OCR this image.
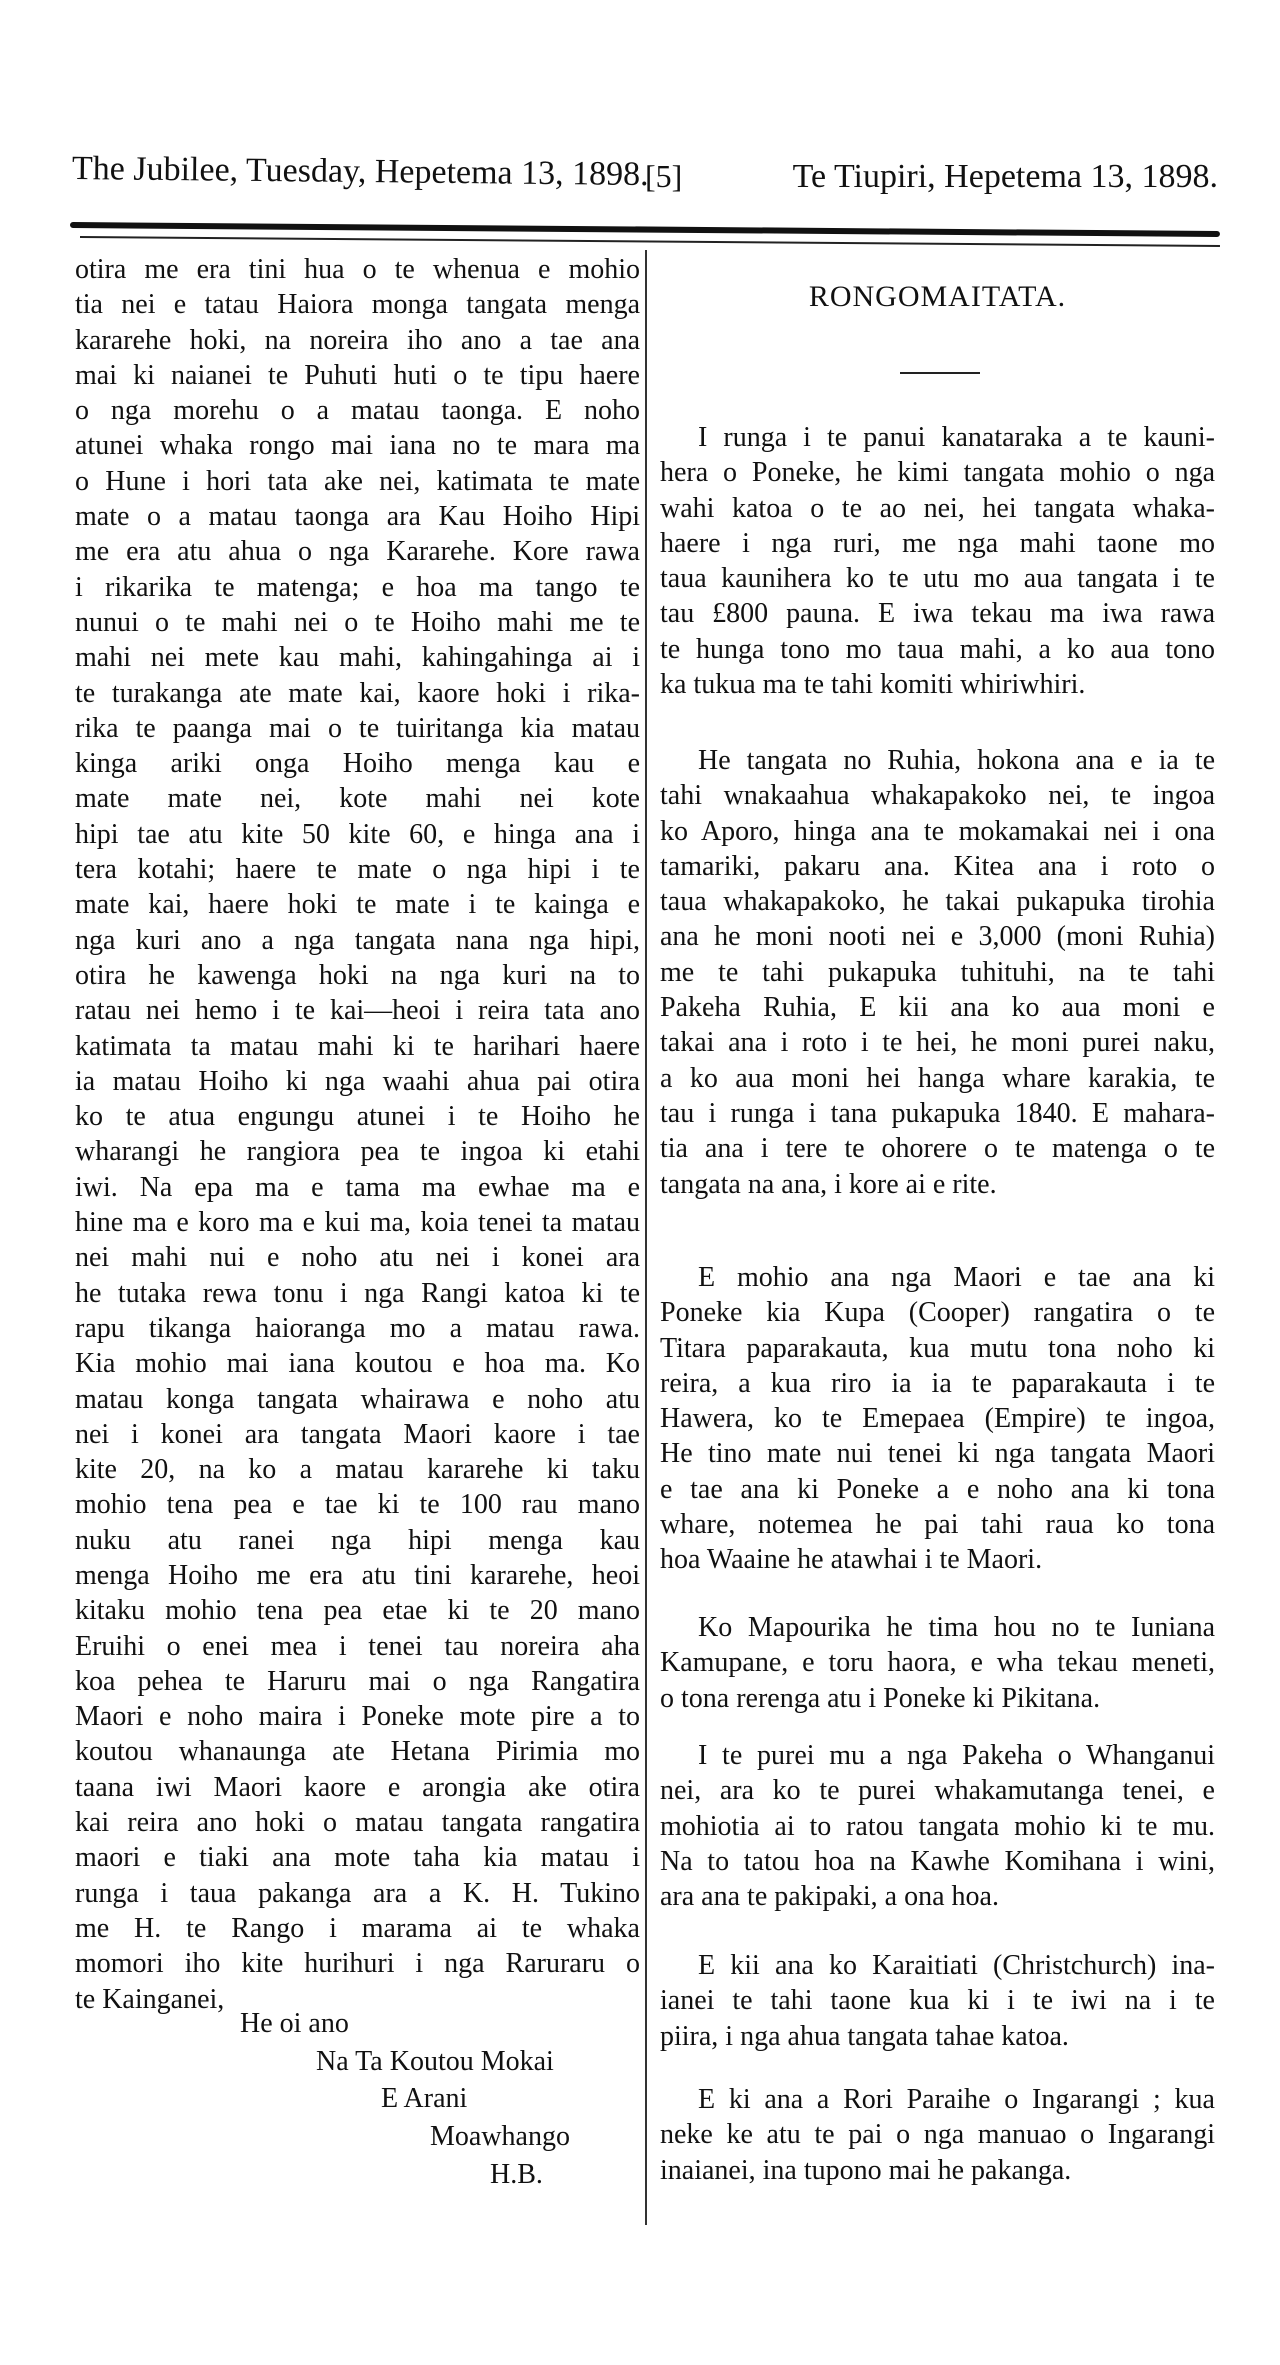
The Jubilee, Tuesday, Hepetema 13, 1898.
[5]	Te Tiupiri, Hepetema 13, 1898.
otira me era tini hua o te whenua e mohio
tia nei e tatau Haiora monga tangata menga
kararehe hoki, na noreira iho ano a tae ana
mai ki naianei te Puhuti huti o te tipu haere
o nga morehu o a matau taonga. E noho
atunei whaka rongo mai iana no te mara ma
o Hune i hori tata ake nei, katimata te mate
mate o a matau taonga ara Kau Hoiho Hipi
me era atu ahua o nga Kararehe. Kore rawa
i rikarika te matenga; e hoa ma tango te
nunui o te mahi nei o te Hoiho mahi me te
mahi nei mete kau mahi, kahingahinga ai i
te turakanga ate mate kai, kaore hoki i rika-
rika te paanga mai o te tuiritanga kia matau
kinga ariki onga Hoiho menga kau e
mate mate nei, kote mahi nei kote
hipi tae atu kite 50 kite 60, e hinga ana i
tera kotahi; haere te mate o nga hipi i te
mate kai, haere hoki te mate i te kainga e
nga kuri ano a nga tangata nana nga hipi,
otira he kawenga hoki na nga kuri na to
ratau nei hemo i te kai—heoi i reira tata ano
katimata ta matau mahi ki te harihari haere
ia matau Hoiho ki nga waahi ahua pai otira
ko te atua engungu atunei i te Hoiho he
wharangi he rangiora pea te ingoa ki etahi
iwi. Na epa ma e tama ma ewhae ma e
hine ma e koro ma e kui ma, koia tenei ta matau
nei mahi nui e noho atu nei i konei ara
he tutaka rewa tonu i nga Rangi katoa ki te
rapu tikanga haioranga mo a matau rawa.
Kia mohio mai iana koutou e hoa ma. Ko
matau konga tangata whairawa e noho atu
nei i konei ara tangata Maori kaore i tae
kite 20, na ko a matau kararehe ki taku
mohio tena pea e tae ki te 100 rau mano
nuku atu ranei nga hipi menga kau
menga Hoiho me era atu tini kararehe, heoi
kitaku mohio tena pea etae ki te 20 mano
Eruihi o enei mea i tenei tau noreira aha
koa pehea te Haruru mai o nga Rangatira
Maori e noho maira i Poneke mote pire a to
koutou whanaunga ate Hetana Pirimia mo
taana iwi Maori kaore e arongia ake otira
kai reira ano hoki o matau tangata rangatira
maori e tiaki ana mote taha kia matau i
runga i taua pakanga ara a K. H. Tukino
me H. te Rango i marama ai te whaka
momori iho kite hurihuri i nga Raruraru o
te Kainganei,
He oi ano
Na Ta Koutou Mokai
E Arani
Moawhango
H.B.
RONGOMAITATA.
I runga i te panui kanataraka a te kauni-
hera o Poneke, he kimi tangata mohio o nga
wahi katoa o te ao nei, hei tangata whaka-
haere i nga ruri, me nga mahi taone mo
taua kaunihera ko te utu mo aua tangata i te
tau £800 pauna. E iwa tekau ma iwa rawa
te hunga tono mo taua mahi, a ko aua tono
ka tukua ma te tahi komiti whiriwhiri.
He tangata no Ruhia, hokona ana e ia te
tahi wnakaahua whakapakoko nei, te ingoa
ko Aporo, hinga ana te mokamakai nei i ona
tamariki, pakaru ana. Kitea ana i roto o
taua whakapakoko, he takai pukapuka tirohia
ana he moni nooti nei e 3,000 (moni Ruhia)
me te tahi pukapuka tuhituhi, na te tahi
Pakeha Ruhia, E kii ana ko aua moni e
takai ana i roto i te hei, he moni purei naku,
a ko aua moni hei hanga whare karakia, te
tau i runga i tana pukapuka 1840. E mahara-
tia ana i tere te ohorere o te matenga o te
tangata na ana, i kore ai e rite.
E mohio ana nga Maori e tae ana ki
Poneke kia Kupa (Cooper) rangatira o te
Titara paparakauta, kua mutu tona noho ki
reira, a kua riro ia ia te paparakauta i te
Hawera, ko te Emepaea (Empire) te ingoa,
He tino mate nui tenei ki nga tangata Maori
e tae ana ki Poneke a e noho ana ki tona
whare, notemea he pai tahi raua ko tona
hoa Waaine he atawhai i te Maori.
Ko Mapourika he tima hou no te Iuniana
Kamupane, e toru haora, e wha tekau meneti,
o tona rerenga atu i Poneke ki Pikitana.
I te purei mu a nga Pakeha o Whanganui
nei, ara ko te purei whakamutanga tenei, e
mohiotia ai to ratou tangata mohio ki te mu.
Na to tatou hoa na Kawhe Komihana i wini,
ara ana te pakipaki, a ona hoa.
E kii ana ko Karaitiati (Christchurch) ina-
ianei te tahi taone kua ki i te iwi na i te
piira, i nga ahua tangata tahae katoa.
E ki ana a Rori Paraihe o Ingarangi ; kua
neke ke atu te pai o nga manuao o Ingarangi
inaianei, ina tupono mai he pakanga.
